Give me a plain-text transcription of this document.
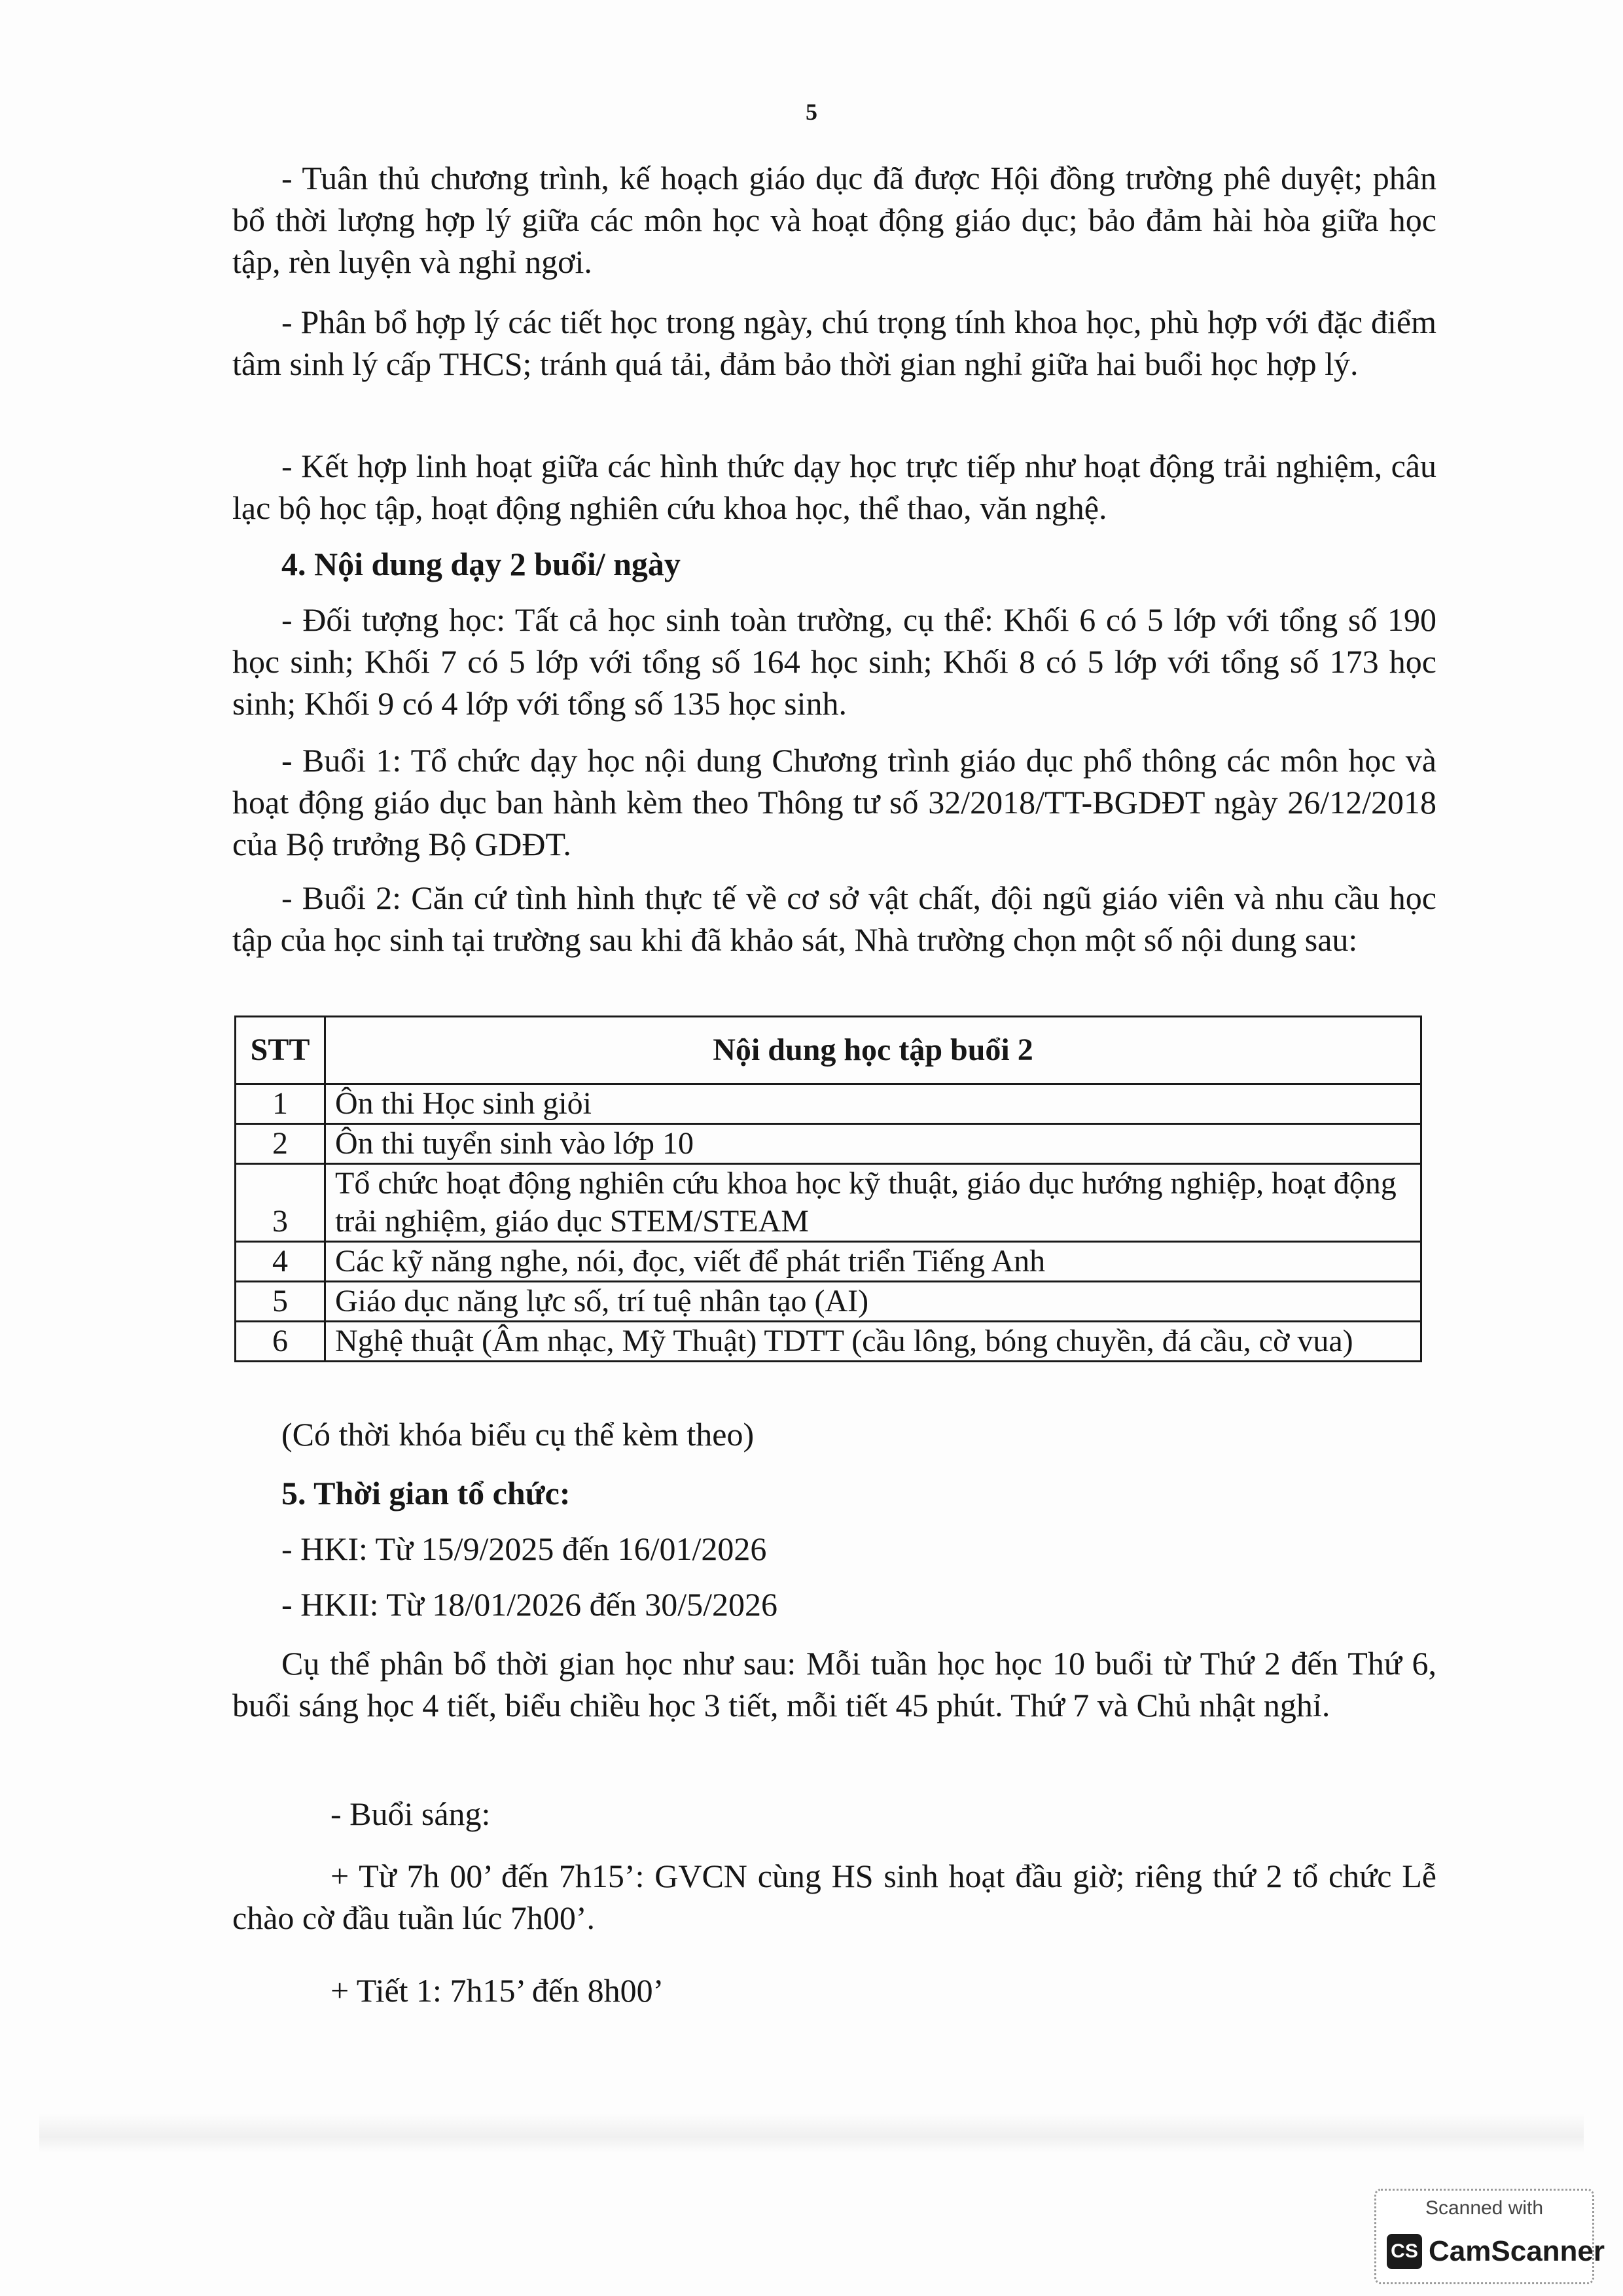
5

- Tuân thủ chương trình, kế hoạch giáo dục đã được Hội đồng trường phê duyệt; phân bổ thời lượng hợp lý giữa các môn học và hoạt động giáo dục; bảo đảm hài hòa giữa học tập, rèn luyện và nghỉ ngơi.

- Phân bổ hợp lý các tiết học trong ngày, chú trọng tính khoa học, phù hợp với đặc điểm tâm sinh lý cấp THCS; tránh quá tải, đảm bảo thời gian nghỉ giữa hai buổi học hợp lý.

- Kết hợp linh hoạt giữa các hình thức dạy học trực tiếp như hoạt động trải nghiệm, câu lạc bộ học tập, hoạt động nghiên cứu khoa học, thể thao, văn nghệ.

4. Nội dung dạy 2 buổi/ ngày

- Đối tượng học: Tất cả học sinh toàn trường, cụ thể: Khối 6 có 5 lớp với tổng số 190 học sinh; Khối 7 có 5 lớp với tổng số 164 học sinh; Khối 8 có 5 lớp với tổng số 173 học sinh; Khối 9 có 4 lớp với tổng số 135 học sinh.

- Buổi 1: Tổ chức dạy học nội dung Chương trình giáo dục phổ thông các môn học và hoạt động giáo dục ban hành kèm theo Thông tư số 32/2018/TT-BGDĐT ngày 26/12/2018 của Bộ trưởng Bộ GDĐT.

- Buổi 2: Căn cứ tình hình thực tế về cơ sở vật chất, đội ngũ giáo viên và nhu cầu học tập của học sinh tại trường sau khi đã khảo sát, Nhà trường chọn một số nội dung sau:

STT	Nội dung học tập buổi 2
1	Ôn thi Học sinh giỏi
2	Ôn thi tuyển sinh vào lớp 10
3	Tổ chức hoạt động nghiên cứu khoa học kỹ thuật, giáo dục hướng nghiệp, hoạt động trải nghiệm, giáo dục STEM/STEAM
4	Các kỹ năng nghe, nói, đọc, viết để phát triển Tiếng Anh
5	Giáo dục năng lực số, trí tuệ nhân tạo (AI)
6	Nghệ thuật (Âm nhạc, Mỹ Thuật) TDTT (cầu lông, bóng chuyền, đá cầu, cờ vua)

(Có thời khóa biểu cụ thể kèm theo)

5. Thời gian tổ chức:

- HKI: Từ 15/9/2025 đến 16/01/2026

- HKII: Từ 18/01/2026 đến 30/5/2026

Cụ thể phân bổ thời gian học như sau: Mỗi tuần học học 10 buổi từ Thứ 2 đến Thứ 6, buổi sáng học 4 tiết, biểu chiều học 3 tiết, mỗi tiết 45 phút. Thứ 7 và Chủ nhật nghỉ.

- Buổi sáng:

+ Từ 7h 00’ đến 7h15’: GVCN cùng HS sinh hoạt đầu giờ; riêng thứ 2 tổ chức Lễ chào cờ đầu tuần lúc 7h00’.

+ Tiết 1: 7h15’ đến 8h00’

Scanned with
CS CamScanner
